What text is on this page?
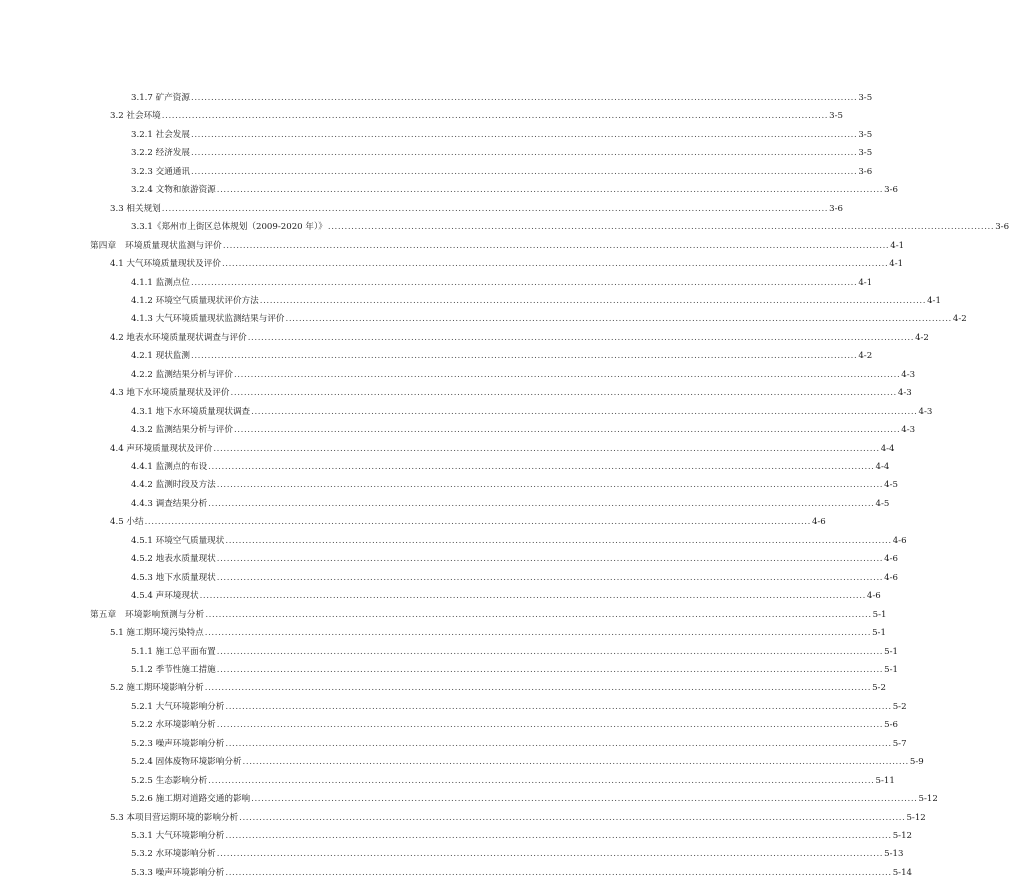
3.1.7 矿产资源 ........................................................................................................................................................................................................ 3-5
3.2 社会环境 ........................................................................................................................................................................................................ 3-5
3.2.1 社会发展 ........................................................................................................................................................................................................ 3-5
3.2.2 经济发展 ........................................................................................................................................................................................................ 3-5
3.2.3 交通通讯 ........................................................................................................................................................................................................ 3-6
3.2.4 文物和旅游资源 ........................................................................................................................................................................................................ 3-6
3.3 相关规划 ........................................................................................................................................................................................................ 3-6
3.3.1《郑州市上街区总体规划（2009-2020 年）》 ........................................................................................................................................................................................................ 3-6
第四章　环境质量现状监测与评价 ........................................................................................................................................................................................................ 4-1
4.1 大气环境质量现状及评价 ........................................................................................................................................................................................................ 4-1
4.1.1 监测点位 ........................................................................................................................................................................................................ 4-1
4.1.2 环境空气质量现状评价方法 ........................................................................................................................................................................................................ 4-1
4.1.3 大气环境质量现状监测结果与评价 ........................................................................................................................................................................................................ 4-2
4.2 地表水环境质量现状调查与评价 ........................................................................................................................................................................................................ 4-2
4.2.1 现状监测 ........................................................................................................................................................................................................ 4-2
4.2.2 监测结果分析与评价 ........................................................................................................................................................................................................ 4-3
4.3 地下水环境质量现状及评价 ........................................................................................................................................................................................................ 4-3
4.3.1 地下水环境质量现状调查 ........................................................................................................................................................................................................ 4-3
4.3.2 监测结果分析与评价 ........................................................................................................................................................................................................ 4-3
4.4 声环境质量现状及评价 ........................................................................................................................................................................................................ 4-4
4.4.1 监测点的布设 ........................................................................................................................................................................................................ 4-4
4.4.2 监测时段及方法 ........................................................................................................................................................................................................ 4-5
4.4.3 调查结果分析 ........................................................................................................................................................................................................ 4-5
4.5 小结 ........................................................................................................................................................................................................ 4-6
4.5.1 环境空气质量现状 ........................................................................................................................................................................................................ 4-6
4.5.2 地表水质量现状 ........................................................................................................................................................................................................ 4-6
4.5.3 地下水质量现状 ........................................................................................................................................................................................................ 4-6
4.5.4 声环境现状 ........................................................................................................................................................................................................ 4-6
第五章　环境影响预测与分析 ........................................................................................................................................................................................................ 5-1
5.1 施工期环境污染特点 ........................................................................................................................................................................................................ 5-1
5.1.1 施工总平面布置 ........................................................................................................................................................................................................ 5-1
5.1.2 季节性施工措施 ........................................................................................................................................................................................................ 5-1
5.2 施工期环境影响分析 ........................................................................................................................................................................................................ 5-2
5.2.1 大气环境影响分析 ........................................................................................................................................................................................................ 5-2
5.2.2 水环境影响分析 ........................................................................................................................................................................................................ 5-6
5.2.3 噪声环境影响分析 ........................................................................................................................................................................................................ 5-7
5.2.4 固体废物环境影响分析 ........................................................................................................................................................................................................ 5-9
5.2.5 生态影响分析 ........................................................................................................................................................................................................ 5-11
5.2.6 施工期对道路交通的影响 ........................................................................................................................................................................................................ 5-12
5.3 本项目营运期环境的影响分析 ........................................................................................................................................................................................................ 5-12
5.3.1 大气环境影响分析 ........................................................................................................................................................................................................ 5-12
5.3.2 水环境影响分析 ........................................................................................................................................................................................................ 5-13
5.3.3 噪声环境影响分析 ........................................................................................................................................................................................................ 5-14
